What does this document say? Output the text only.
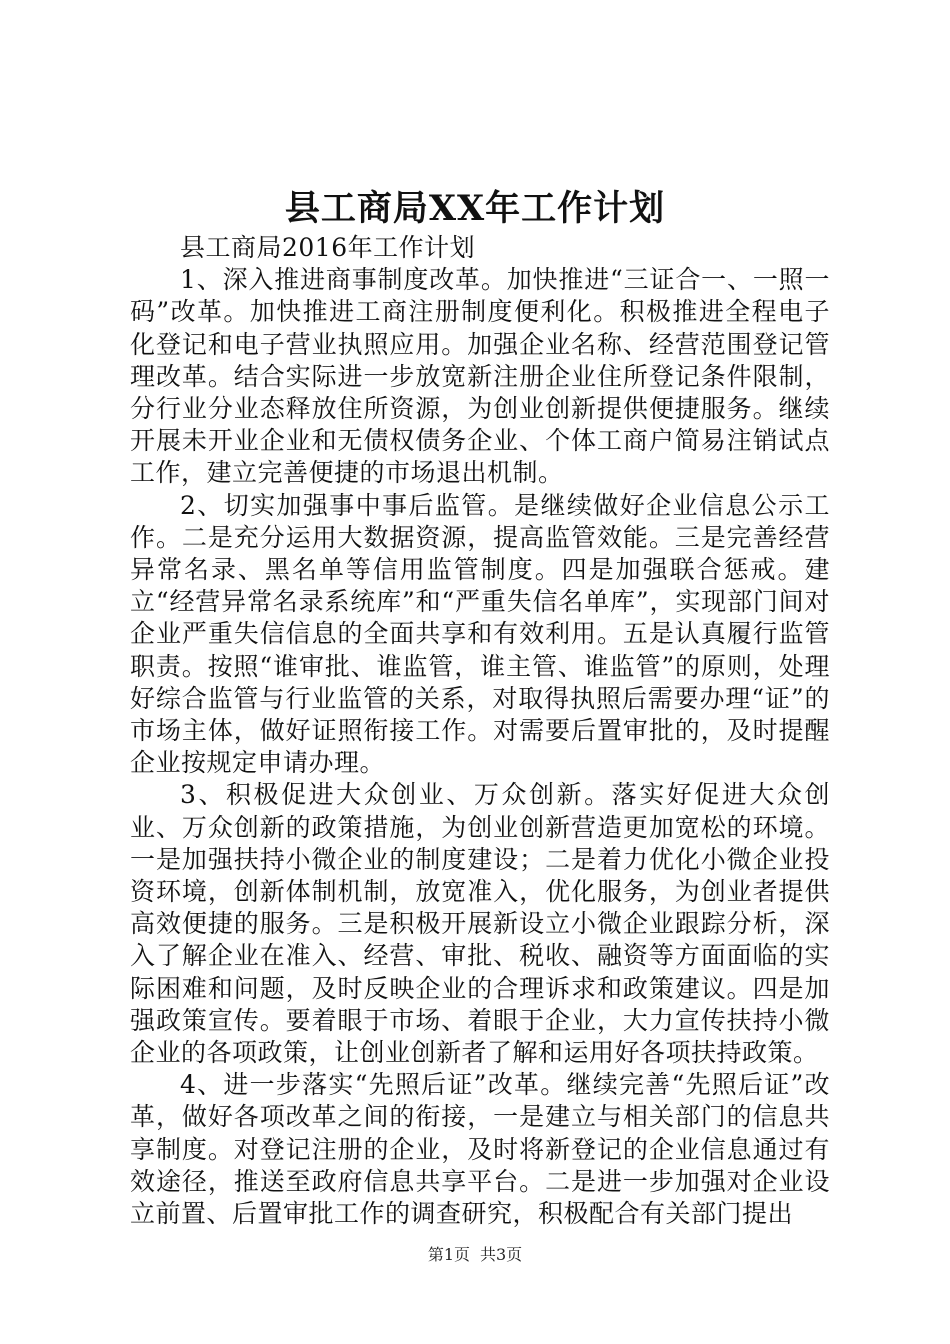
县工商局XX年工作计划

县工商局2016年工作计划

1、深入推进商事制度改革。加快推进“三证合一、一照一码”改革。加快推进工商注册制度便利化。积极推进全程电子化登记和电子营业执照应用。加强企业名称、经营范围登记管理改革。结合实际进一步放宽新注册企业住所登记条件限制，分行业分业态释放住所资源，为创业创新提供便捷服务。继续开展未开业企业和无债权债务企业、个体工商户简易注销试点工作，建立完善便捷的市场退出机制。

2、切实加强事中事后监管。是继续做好企业信息公示工作。二是充分运用大数据资源，提高监管效能。三是完善经营异常名录、黑名单等信用监管制度。四是加强联合惩戒。建立“经营异常名录系统库”和“严重失信名单库”，实现部门间对企业严重失信信息的全面共享和有效利用。五是认真履行监管职责。按照“谁审批、谁监管，谁主管、谁监管”的原则，处理好综合监管与行业监管的关系，对取得执照后需要办理“证”的市场主体，做好证照衔接工作。对需要后置审批的，及时提醒企业按规定申请办理。

3、积极促进大众创业、万众创新。落实好促进大众创业、万众创新的政策措施，为创业创新营造更加宽松的环境。一是加强扶持小微企业的制度建设；二是着力优化小微企业投资环境，创新体制机制，放宽准入，优化服务，为创业者提供高效便捷的服务。三是积极开展新设立小微企业跟踪分析，深入了解企业在准入、经营、审批、税收、融资等方面面临的实际困难和问题，及时反映企业的合理诉求和政策建议。四是加强政策宣传。要着眼于市场、着眼于企业，大力宣传扶持小微企业的各项政策，让创业创新者了解和运用好各项扶持政策。

4、进一步落实“先照后证”改革。继续完善“先照后证”改革，做好各项改革之间的衔接，一是建立与相关部门的信息共享制度。对登记注册的企业，及时将新登记的企业信息通过有效途径，推送至政府信息共享平台。二是进一步加强对企业设立前置、后置审批工作的调查研究，积极配合有关部门提出

第1页 共3页
